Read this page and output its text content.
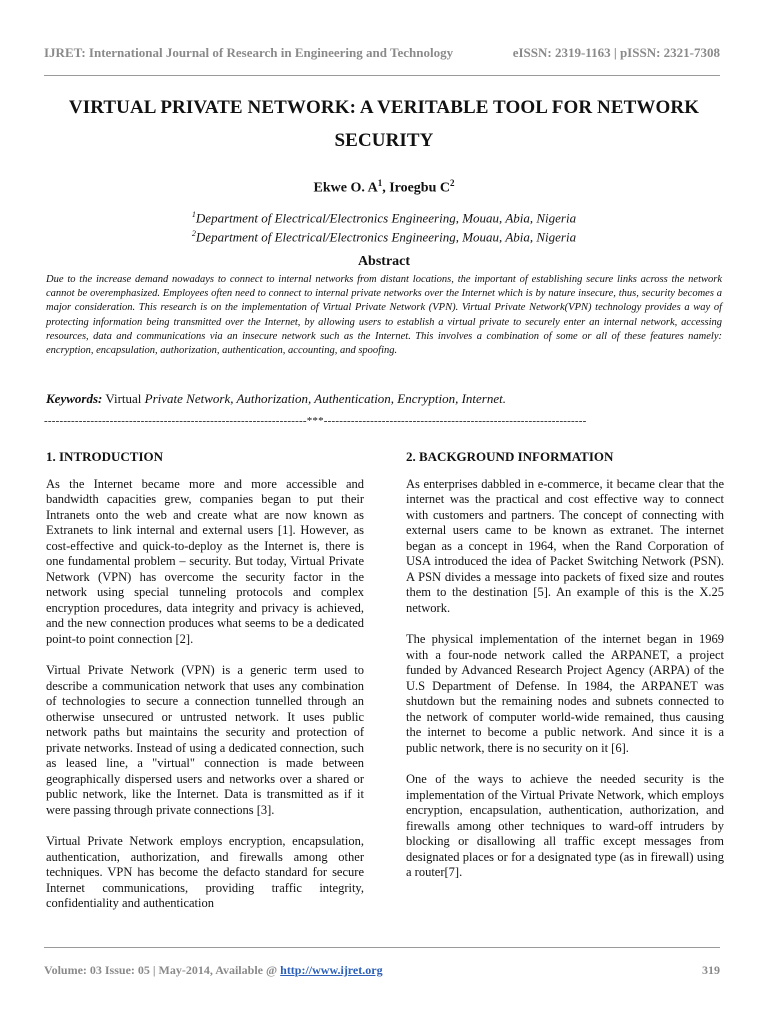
IJRET: International Journal of Research in Engineering and Technology	eISSN: 2319-1163 | pISSN: 2321-7308
VIRTUAL PRIVATE NETWORK: A VERITABLE TOOL FOR NETWORK SECURITY
Ekwe O. $A^1$, Iroegbu $C^2$
$^1$Department of Electrical/Electronics Engineering, Mouau, Abia, Nigeria
$^2$Department of Electrical/Electronics Engineering, Mouau, Abia, Nigeria
Abstract
Due to the increase demand nowadays to connect to internal networks from distant locations, the important of establishing secure links across the network cannot be overemphasized. Employees often need to connect to internal private networks over the Internet which is by nature insecure, thus, security becomes a major consideration. This research is on the implementation of Virtual Private Network (VPN). Virtual Private Network(VPN) technology provides a way of protecting information being transmitted over the Internet, by allowing users to establish a virtual private to securely enter an internal network, accessing resources, data and communications via an insecure network such as the Internet. This involves a combination of some or all of these features namely: encryption, encapsulation, authorization, authentication, accounting, and spoofing.
Keywords: Virtual Private Network, Authorization, Authentication, Encryption, Internet.
--------------------------------------------------------------------***--------------------------------------------------------------------
1. INTRODUCTION

As the Internet became more and more accessible and bandwidth capacities grew, companies began to put their Intranets onto the web and create what are now known as Extranets to link internal and external users [1]. However, as cost-effective and quick-to-deploy as the Internet is, there is one fundamental problem – security. But today, Virtual Private Network (VPN) has overcome the security factor in the network using special tunneling protocols and complex encryption procedures, data integrity and privacy is achieved, and the new connection produces what seems to be a dedicated point-to point connection [2].

Virtual Private Network (VPN) is a generic term used to describe a communication network that uses any combination of technologies to secure a connection tunnelled through an otherwise unsecured or untrusted network. It uses public network paths but maintains the security and protection of private networks. Instead of using a dedicated connection, such as leased line, a "virtual" connection is made between geographically dispersed users and networks over a shared or public network, like the Internet. Data is transmitted as if it were passing through private connections [3].

Virtual Private Network employs encryption, encapsulation, authentication, authorization, and firewalls among other techniques. VPN has become the defacto standard for secure Internet communications, providing traffic integrity, confidentiality and authentication

2. BACKGROUND INFORMATION

As enterprises dabbled in e-commerce, it became clear that the internet was the practical and cost effective way to connect with customers and partners. The concept of connecting with external users came to be known as extranet. The internet began as a concept in 1964, when the Rand Corporation of USA introduced the idea of Packet Switching Network (PSN). A PSN divides a message into packets of fixed size and routes them to the destination [5]. An example of this is the X.25 network.

The physical implementation of the internet began in 1969 with a four-node network called the ARPANET, a project funded by Advanced Research Project Agency (ARPA) of the U.S Department of Defense. In 1984, the ARPANET was shutdown but the remaining nodes and subnets connected to the network of computer world-wide remained, thus causing the internet to become a public network. And since it is a public network, there is no security on it [6].

One of the ways to achieve the needed security is the implementation of the Virtual Private Network, which employs encryption, encapsulation, authentication, authorization, and firewalls among other techniques to ward-off intruders by blocking or disallowing all traffic except messages from designated places or for a designated type (as in firewall) using a router[7].

Volume: 03 Issue: 05 | May-2014, Available @ http://www.ijret.org	319
